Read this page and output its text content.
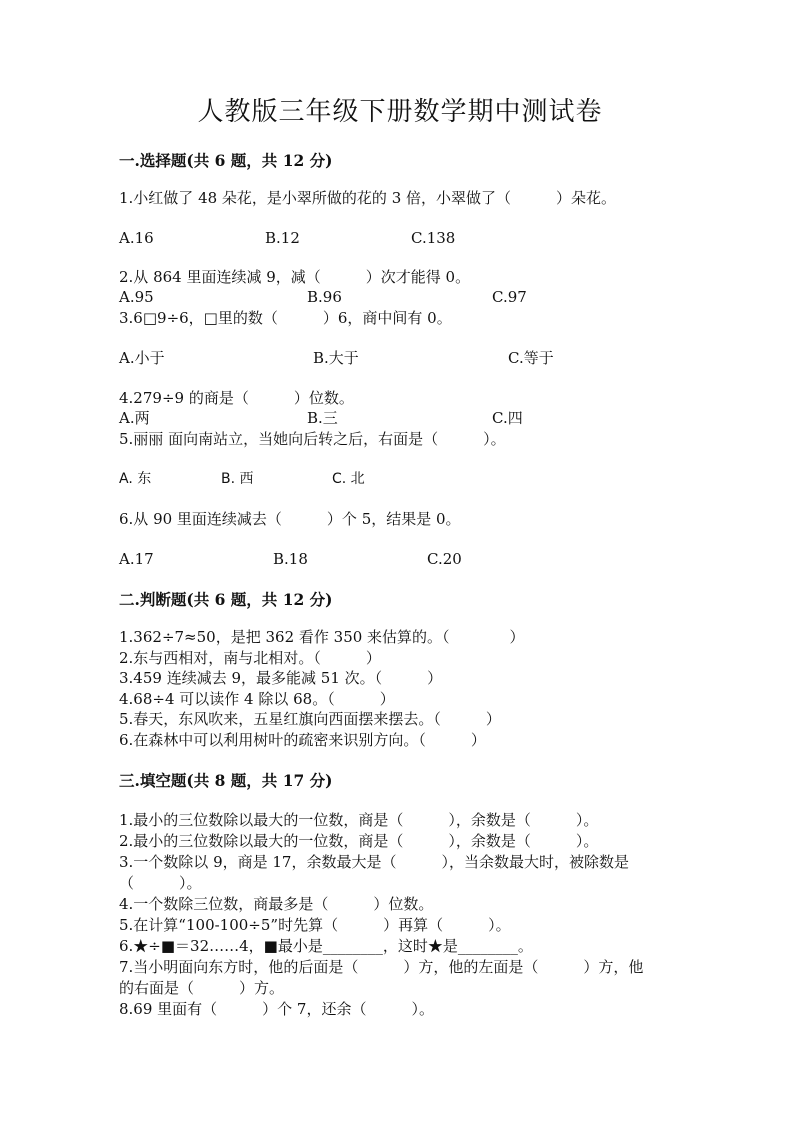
人教版三年级下册数学期中测试卷
一.选择题(共 6 题，共 12 分)
1.小红做了 48 朵花，是小翠所做的花的 3 倍，小翠做了（　　　）朵花。
A.16	B.12	C.138
2.从 864 里面连续减 9，减（　　　）次才能得 0。
A.95	B.96	C.97
3.6□9÷6，□里的数（　　　）6，商中间有 0。
A.小于	B.大于	C.等于
4.279÷9 的商是（　　　）位数。
A.两	B.三	C.四
5.丽丽 面向南站立，当她向后转之后，右面是（　　　）。
A. 东	B. 西	C. 北
6.从 90 里面连续减去（　　　）个 5，结果是 0。
A.17	B.18	C.20
二.判断题(共 6 题，共 12 分)
1.362÷7≈50，是把 362 看作 350 来估算的。（　　　　）
2.东与西相对，南与北相对。（　　　）
3.459 连续减去 9，最多能减 51 次。（　　　）
4.68÷4 可以读作 4 除以 68。（　　　）
5.春天，东风吹来，五星红旗向西面摆来摆去。（　　　）
6.在森林中可以利用树叶的疏密来识别方向。（　　　）
三.填空题(共 8 题，共 17 分)
1.最小的三位数除以最大的一位数，商是（　　　），余数是（　　　）。
2.最小的三位数除以最大的一位数，商是（　　　），余数是（　　　）。
3.一个数除以 9，商是 17，余数最大是（　　　），当余数最大时，被除数是
（　　　）。
4.一个数除三位数，商最多是（　　　）位数。
5.在计算“100-100÷5”时先算（　　　）再算（　　　）。
6.★÷■＝32……4，■最小是________，这时★是________。
7.当小明面向东方时，他的后面是（　　　）方，他的左面是（　　　）方，他
的右面是（　　　）方。
8.69 里面有（　　　）个 7，还余（　　　）。
